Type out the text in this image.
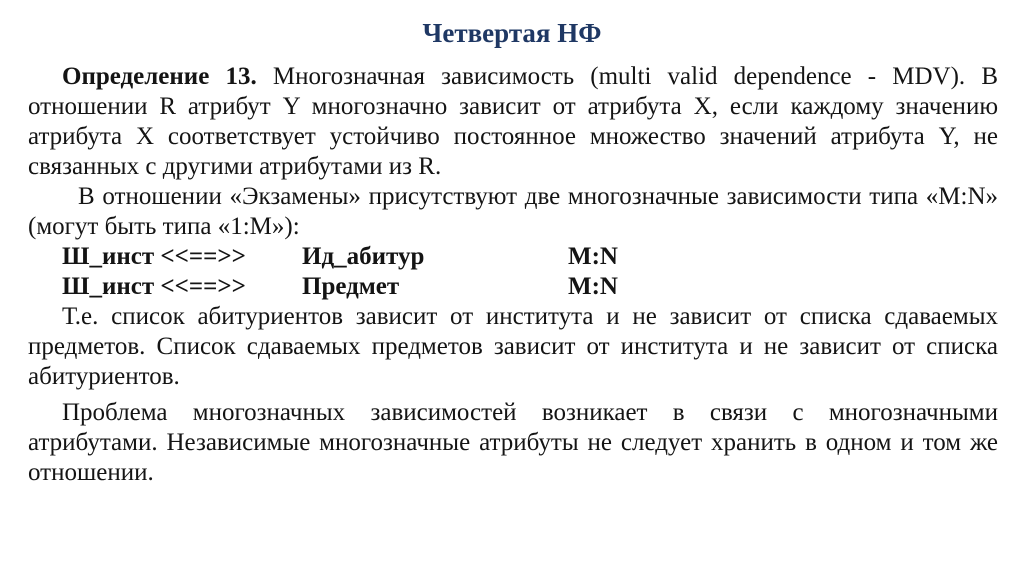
Четвертая НФ

Определение 13. Многозначная зависимость (multi valid dependence - MDV). В отношении R атрибут Y многозначно зависит от атрибута X, если каждому значению атрибута X соответствует устойчиво постоянное множество значений атрибута Y, не связанных с другими атрибутами из R.

В отношении «Экзамены» присутствуют две многозначные зависимости типа «M:N» (могут быть типа «1:M»):

Ш_инст <<==>>	Ид_абитур	M:N
Ш_инст <<==>>	Предмет	M:N

Т.е. список абитуриентов зависит от института и не зависит от списка сдаваемых предметов. Список сдаваемых предметов зависит от института и не зависит от списка абитуриентов.

Проблема многозначных зависимостей возникает в связи с многозначными атрибутами. Независимые многозначные атрибуты не следует хранить в одном и том же отношении.
